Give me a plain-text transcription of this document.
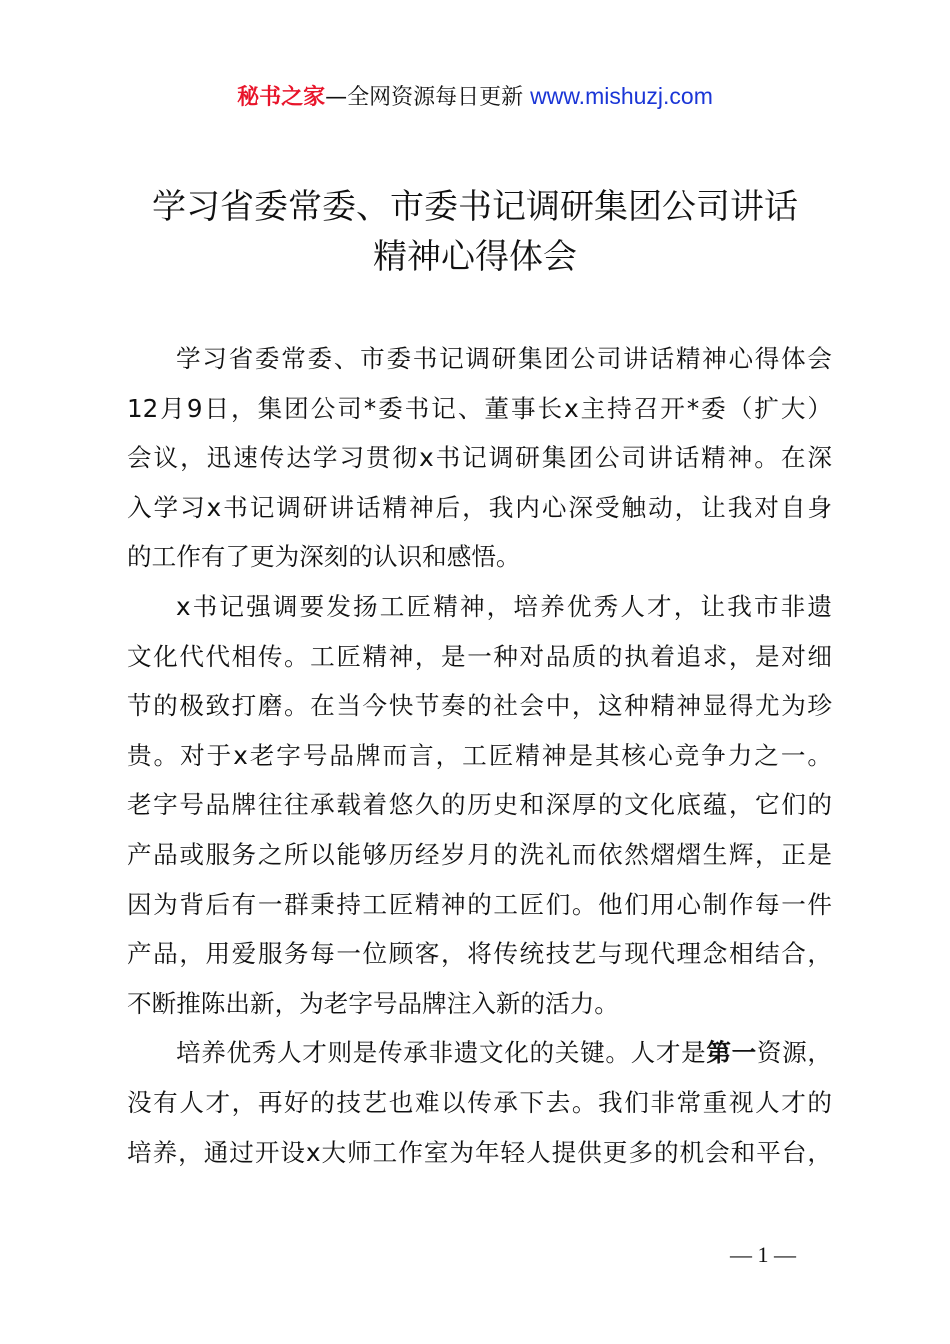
秘书之家—全网资源每日更新 www.mishuzj.com
学习省委常委、市委书记调研集团公司讲话
精神心得体会
学习省委常委、市委书记调研集团公司讲话精神心得体会
12月9日，集团公司*委书记、董事长x主持召开*委（扩大）
会议，迅速传达学习贯彻x书记调研集团公司讲话精神。在深
入学习x书记调研讲话精神后，我内心深受触动，让我对自身
的工作有了更为深刻的认识和感悟。
x书记强调要发扬工匠精神，培养优秀人才，让我市非遗
文化代代相传。工匠精神，是一种对品质的执着追求，是对细
节的极致打磨。在当今快节奏的社会中，这种精神显得尤为珍
贵。对于x老字号品牌而言，工匠精神是其核心竞争力之一。
老字号品牌往往承载着悠久的历史和深厚的文化底蕴，它们的
产品或服务之所以能够历经岁月的洗礼而依然熠熠生辉，正是
因为背后有一群秉持工匠精神的工匠们。他们用心制作每一件
产品，用爱服务每一位顾客，将传统技艺与现代理念相结合，
不断推陈出新，为老字号品牌注入新的活力。
培养优秀人才则是传承非遗文化的关键。人才是第一资源，
没有人才，再好的技艺也难以传承下去。我们非常重视人才的
培养，通过开设x大师工作室为年轻人提供更多的机会和平台，
— 1 —
